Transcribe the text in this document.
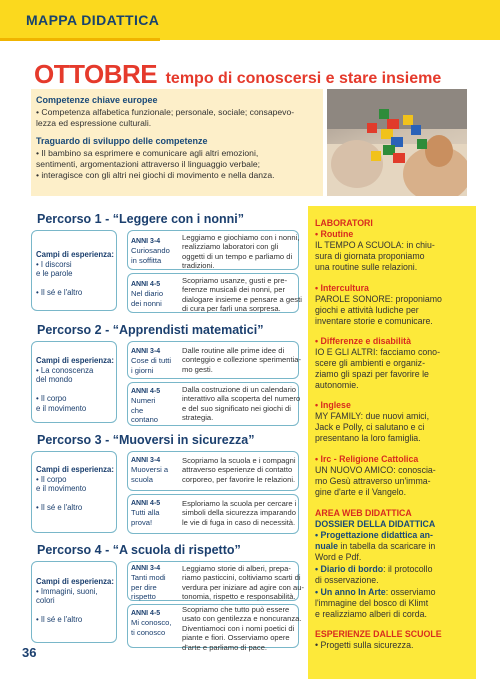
MAPPA DIDATTICA
OTTOBRE tempo di conoscersi e stare insieme
Competenze chiave europee
• Competenza alfabetica funzionale; personale, sociale; consapevo-
lezza ed espressione culturali.
Traguardo di sviluppo delle competenze
• Il bambino sa esprimere e comunicare agli altri emozioni,
sentimenti, argomentazioni attraverso il linguaggio verbale;
• interagisce con gli altri nei giochi di movimento e nella danza.
LABORATORI
• Routine
IL TEMPO A SCUOLA: in chiu-
sura di giornata proponiamo
una routine sulle relazioni.
• Intercultura
PAROLE SONORE: proponiamo
giochi e attività ludiche per
inventare storie e comunicare.
• Differenze e disabilità
IO E GLI ALTRI: facciamo cono-
scere gli ambienti e organiz-
ziamo gli spazi per favorire le
autonomie.
• Inglese
MY FAMILY: due nuovi amici,
Jack e Polly, ci salutano e ci
presentano la loro famiglia.
• Irc - Religione Cattolica
UN NUOVO AMICO: conoscia-
mo Gesù attraverso un'imma-
gine d'arte e il Vangelo.
AREA WEB DIDATTICA
DOSSIER DELLA DIDATTICA
• Progettazione didattica an-
nuale in tabella da scaricare in
Word e Pdf.
• Diario di bordo: il protocollo
di osservazione.
• Un anno In Arte: osserviamo
l'immagine del bosco di Klimt
e realizziamo alberi di corda.
ESPERIENZE DALLE SCUOLE
• Progetti sulla sicurezza.
Percorso 1 - “Leggere con i nonni”
Campi di esperienza:
• I discorsi
e le parole

• Il sé e l'altro
ANNI 3-4
Curiosando
in soffitta
Leggiamo e giochiamo con i nonni,
realizziamo laboratori con gli
oggetti di un tempo e parliamo di
tradizioni.
ANNI 4-5
Nel diario
dei nonni
Scopriamo usanze, gusti e pre-
ferenze musicali dei nonni, per
dialogare insieme e pensare a gesti
di cura per farli una sorpresa.
Percorso 2 - “Apprendisti matematici”
Campi di esperienza:
• La conoscenza
del mondo

• Il corpo
e il movimento
ANNI 3-4
Cose di tutti
i giorni
Dalle routine alle prime idee di
conteggio e collezione sperimentia-
mo gesti.
ANNI 4-5
Numeri
che
contano
Dalla costruzione di un calendario
interattivo alla scoperta del numero
e del suo significato nei giochi di
strategia.
Percorso 3 - “Muoversi in sicurezza”
Campi di esperienza:
• Il corpo
e il movimento

• Il sé e l'altro
ANNI 3-4
Muoversi a
scuola
Scopriamo la scuola e i compagni
attraverso esperienze di contatto
corporeo, per favorire le relazioni.
ANNI 4-5
Tutti alla
prova!
Esploriamo la scuola per cercare i
simboli della sicurezza imparando
le vie di fuga in caso di necessità.
Percorso 4 - “A scuola di rispetto”
Campi di esperienza:
• Immagini, suoni,
colori

• Il sé e l'altro
ANNI 3-4
Tanti modi
per dire
rispetto
Leggiamo storie di alberi, prepa-
riamo pasticcini, coltiviamo scarti di
verdura per iniziare ad agire con au-
tonomia, rispetto e responsabilità.
ANNI 4-5
Mi conosco,
ti conosco
Scopriamo che tutto può essere
usato con gentilezza e noncuranza.
Diventiamoci con i nomi poetici di
piante e fiori. Osserviamo opere
d'arte e parliamo di pace.
36
